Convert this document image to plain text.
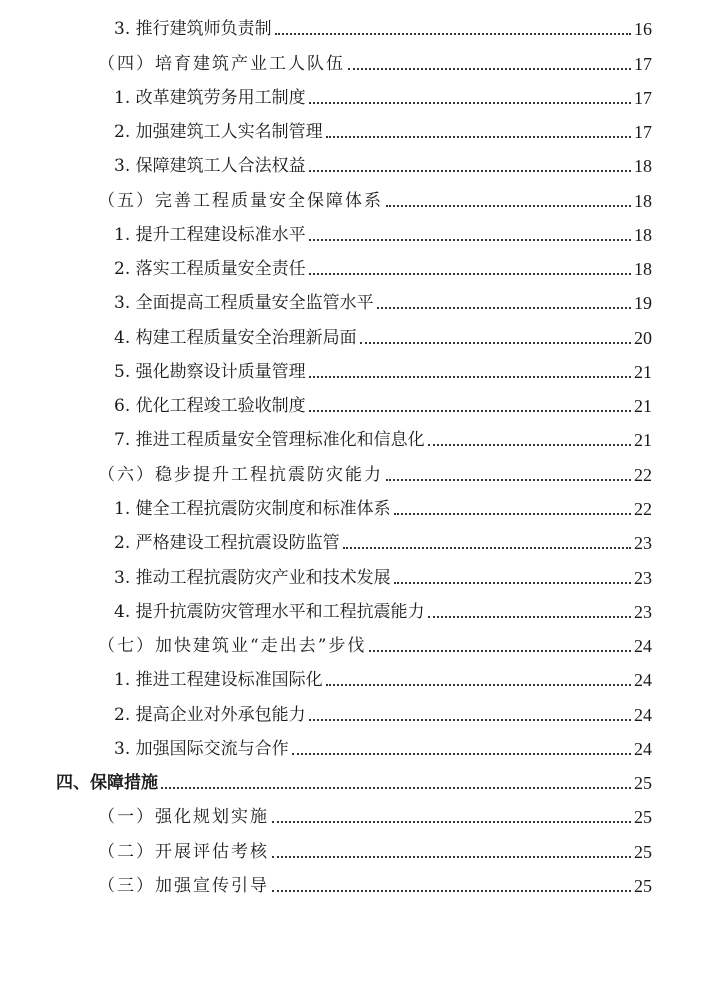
3. 推行建筑师负责制	16
（四）培育建筑产业工人队伍	17
1. 改革建筑劳务用工制度	17
2. 加强建筑工人实名制管理	17
3. 保障建筑工人合法权益	18
（五）完善工程质量安全保障体系	18
1. 提升工程建设标准水平	18
2. 落实工程质量安全责任	18
3. 全面提高工程质量安全监管水平	19
4. 构建工程质量安全治理新局面	20
5. 强化勘察设计质量管理	21
6. 优化工程竣工验收制度	21
7. 推进工程质量安全管理标准化和信息化	21
（六）稳步提升工程抗震防灾能力	22
1. 健全工程抗震防灾制度和标准体系	22
2. 严格建设工程抗震设防监管	23
3. 推动工程抗震防灾产业和技术发展	23
4. 提升抗震防灾管理水平和工程抗震能力	23
（七）加快建筑业“走出去”步伐	24
1. 推进工程建设标准国际化	24
2. 提高企业对外承包能力	24
3. 加强国际交流与合作	24
四、保障措施	25
（一）强化规划实施	25
（二）开展评估考核	25
（三）加强宣传引导	25
